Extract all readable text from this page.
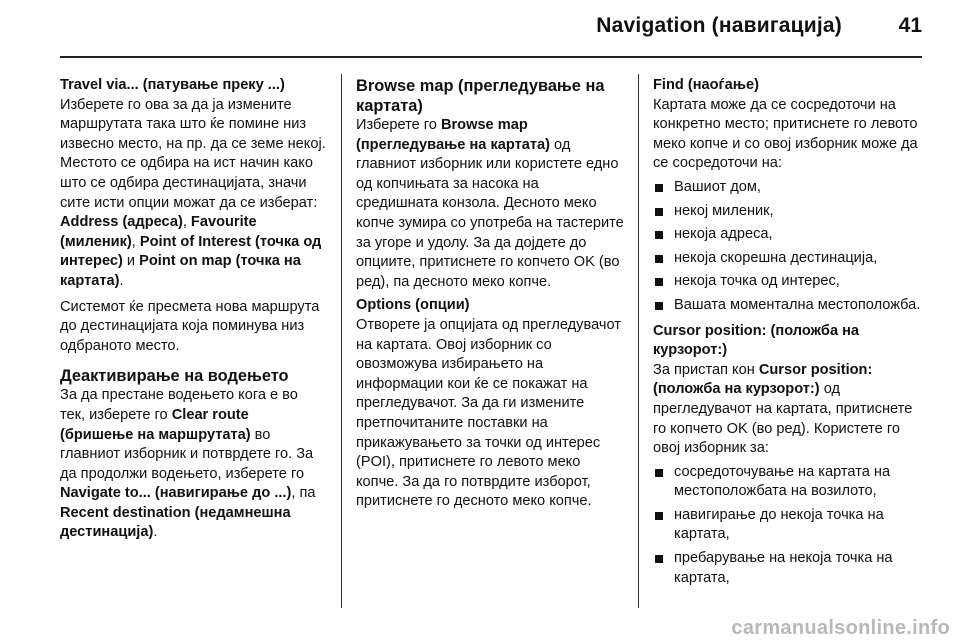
Navigation (навигација)	41
Travel via... (патување преку ...)

Изберете го ова за да ја измените маршрутата така што ќе помине низ извесно место, на пр. да се земе некој. Местото се одбира на ист начин како што се одбира дестинацијата, значи сите исти опции можат да се изберат: Address (адреса), Favourite (миленик), Point of Interest (точка од интерес) и Point on map (точка на картата).

Системот ќе пресмета нова маршрута до дестинацијата која поминува низ одбраното место.

Деактивирање на водењето

За да престане водењето кога е во тек, изберете го Clear route (бришење на маршрутата) во главниот изборник и потврдете го. За да продолжи водењето, изберете го Navigate to... (навигирање до ...), па Recent destination (недамнешна дестинација).

Browse map (прегледување на картата)

Изберете го Browse map (прегледување на картата) од главниот изборник или користете едно од копчињата за насока на средишната конзола. Десното меко копче зумира со употреба на тастерите за угоре и удолу. За да дојдете до опциите, притиснете го копчето OK (во ред), па десното меко копче.

Options (опции)

Отворете ја опцијата од прегледувачот на картата. Овој изборник со овозможува избирањето на информации кои ќе се покажат на прегледувачот. За да ги измените претпочитаните поставки на прикажувањето за точки од интерес (POI), притиснете го левото меко копче. За да го потврдите изборот, притиснете го десното меко копче.

Find (наоѓање)

Картата може да се сосредоточи на конкретно место; притиснете го левото меко копче и со овој изборник може да се сосредоточи на:

Вашиот дом,
некој миленик,
некоја адреса,
некоја скорешна дестинација,
некоја точка од интерес,
Вашата моментална местоположба.
Cursor position: (положба на курзорот:)

За пристап кон Cursor position: (положба на курзорот:) од прегледувачот на картата, притиснете го копчето OK (во ред). Користете го овој изборник за:

сосредоточување на картата на местоположбата на возилото,
навигирање до некоја точка на картата,
пребарување на некоја точка на картата,
carmanualsonline.info
